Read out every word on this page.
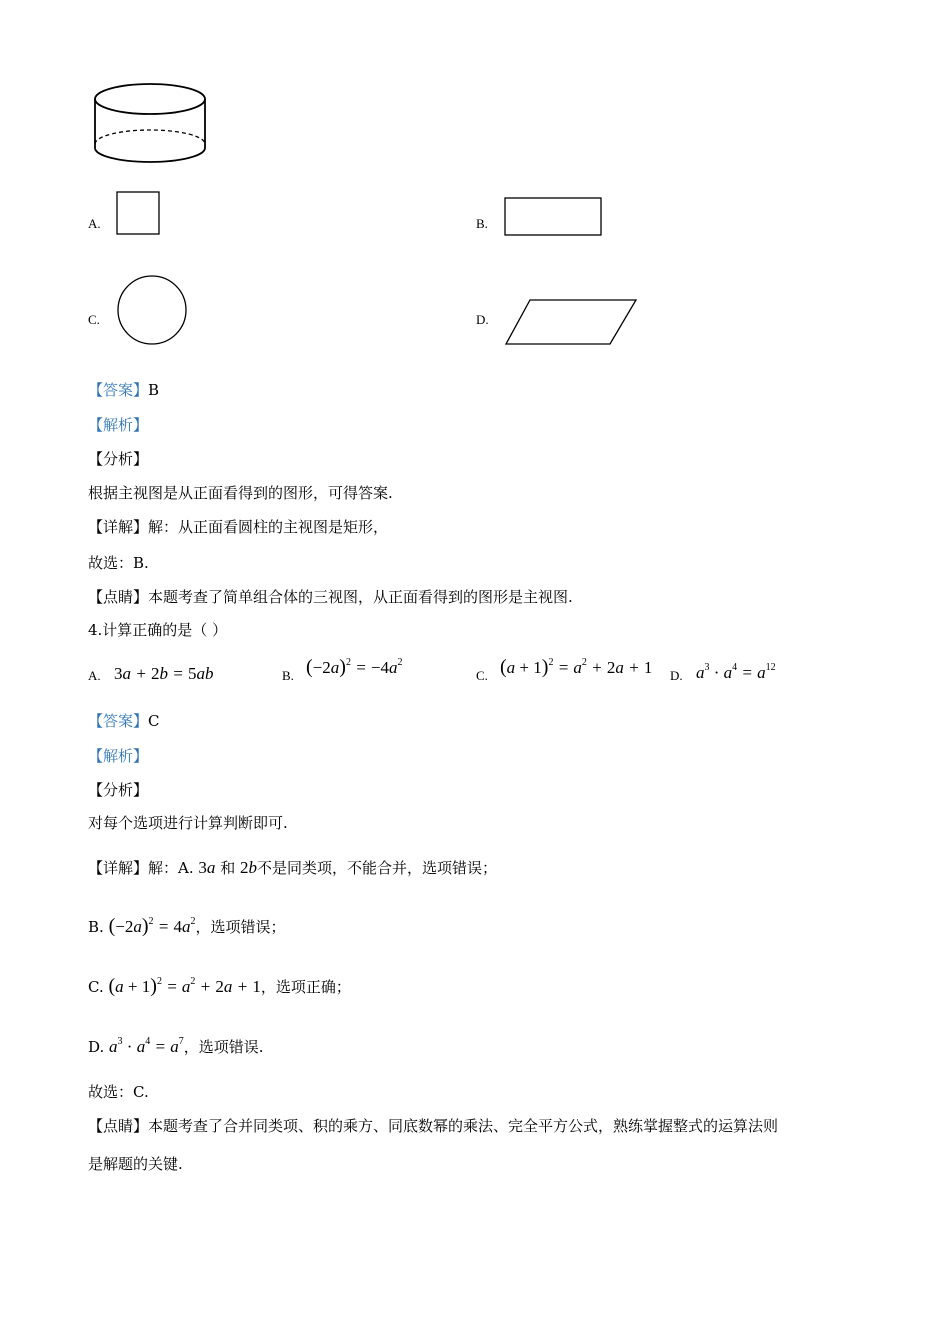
A.	B.
C.	D.
【答案】B
【解析】
【分析】
根据主视图是从正面看得到的图形，可得答案.
【详解】解：从正面看圆柱的主视图是矩形，
故选：B.
【点睛】本题考查了简单组合体的三视图，从正面看得到的图形是主视图.
4.计算正确的是（ ）
A. 3a + 2b = 5ab	B. $(-2a)^2 = -4a^2$
C. $(a + 1)^2 = a^2 + 2a + 1$ D. $a^3 \cdot a^4 = a^{12}$
【答案】C
【解析】
【分析】
对每个选项进行计算判断即可.
【详解】解：A. 3a 和 2b不是同类项，不能合并，选项错误；
B. $(-2a)^2 = 4a^2$，选项错误；
C. $(a + 1)^2 = a^2 + 2a + 1$，选项正确；
D. $a^3 \cdot a^4 = a^7$，选项错误.
故选：C.
【点睛】本题考查了合并同类项、积的乘方、同底数幂的乘法、完全平方公式，熟练掌握整式的运算法则
是解题的关键.
